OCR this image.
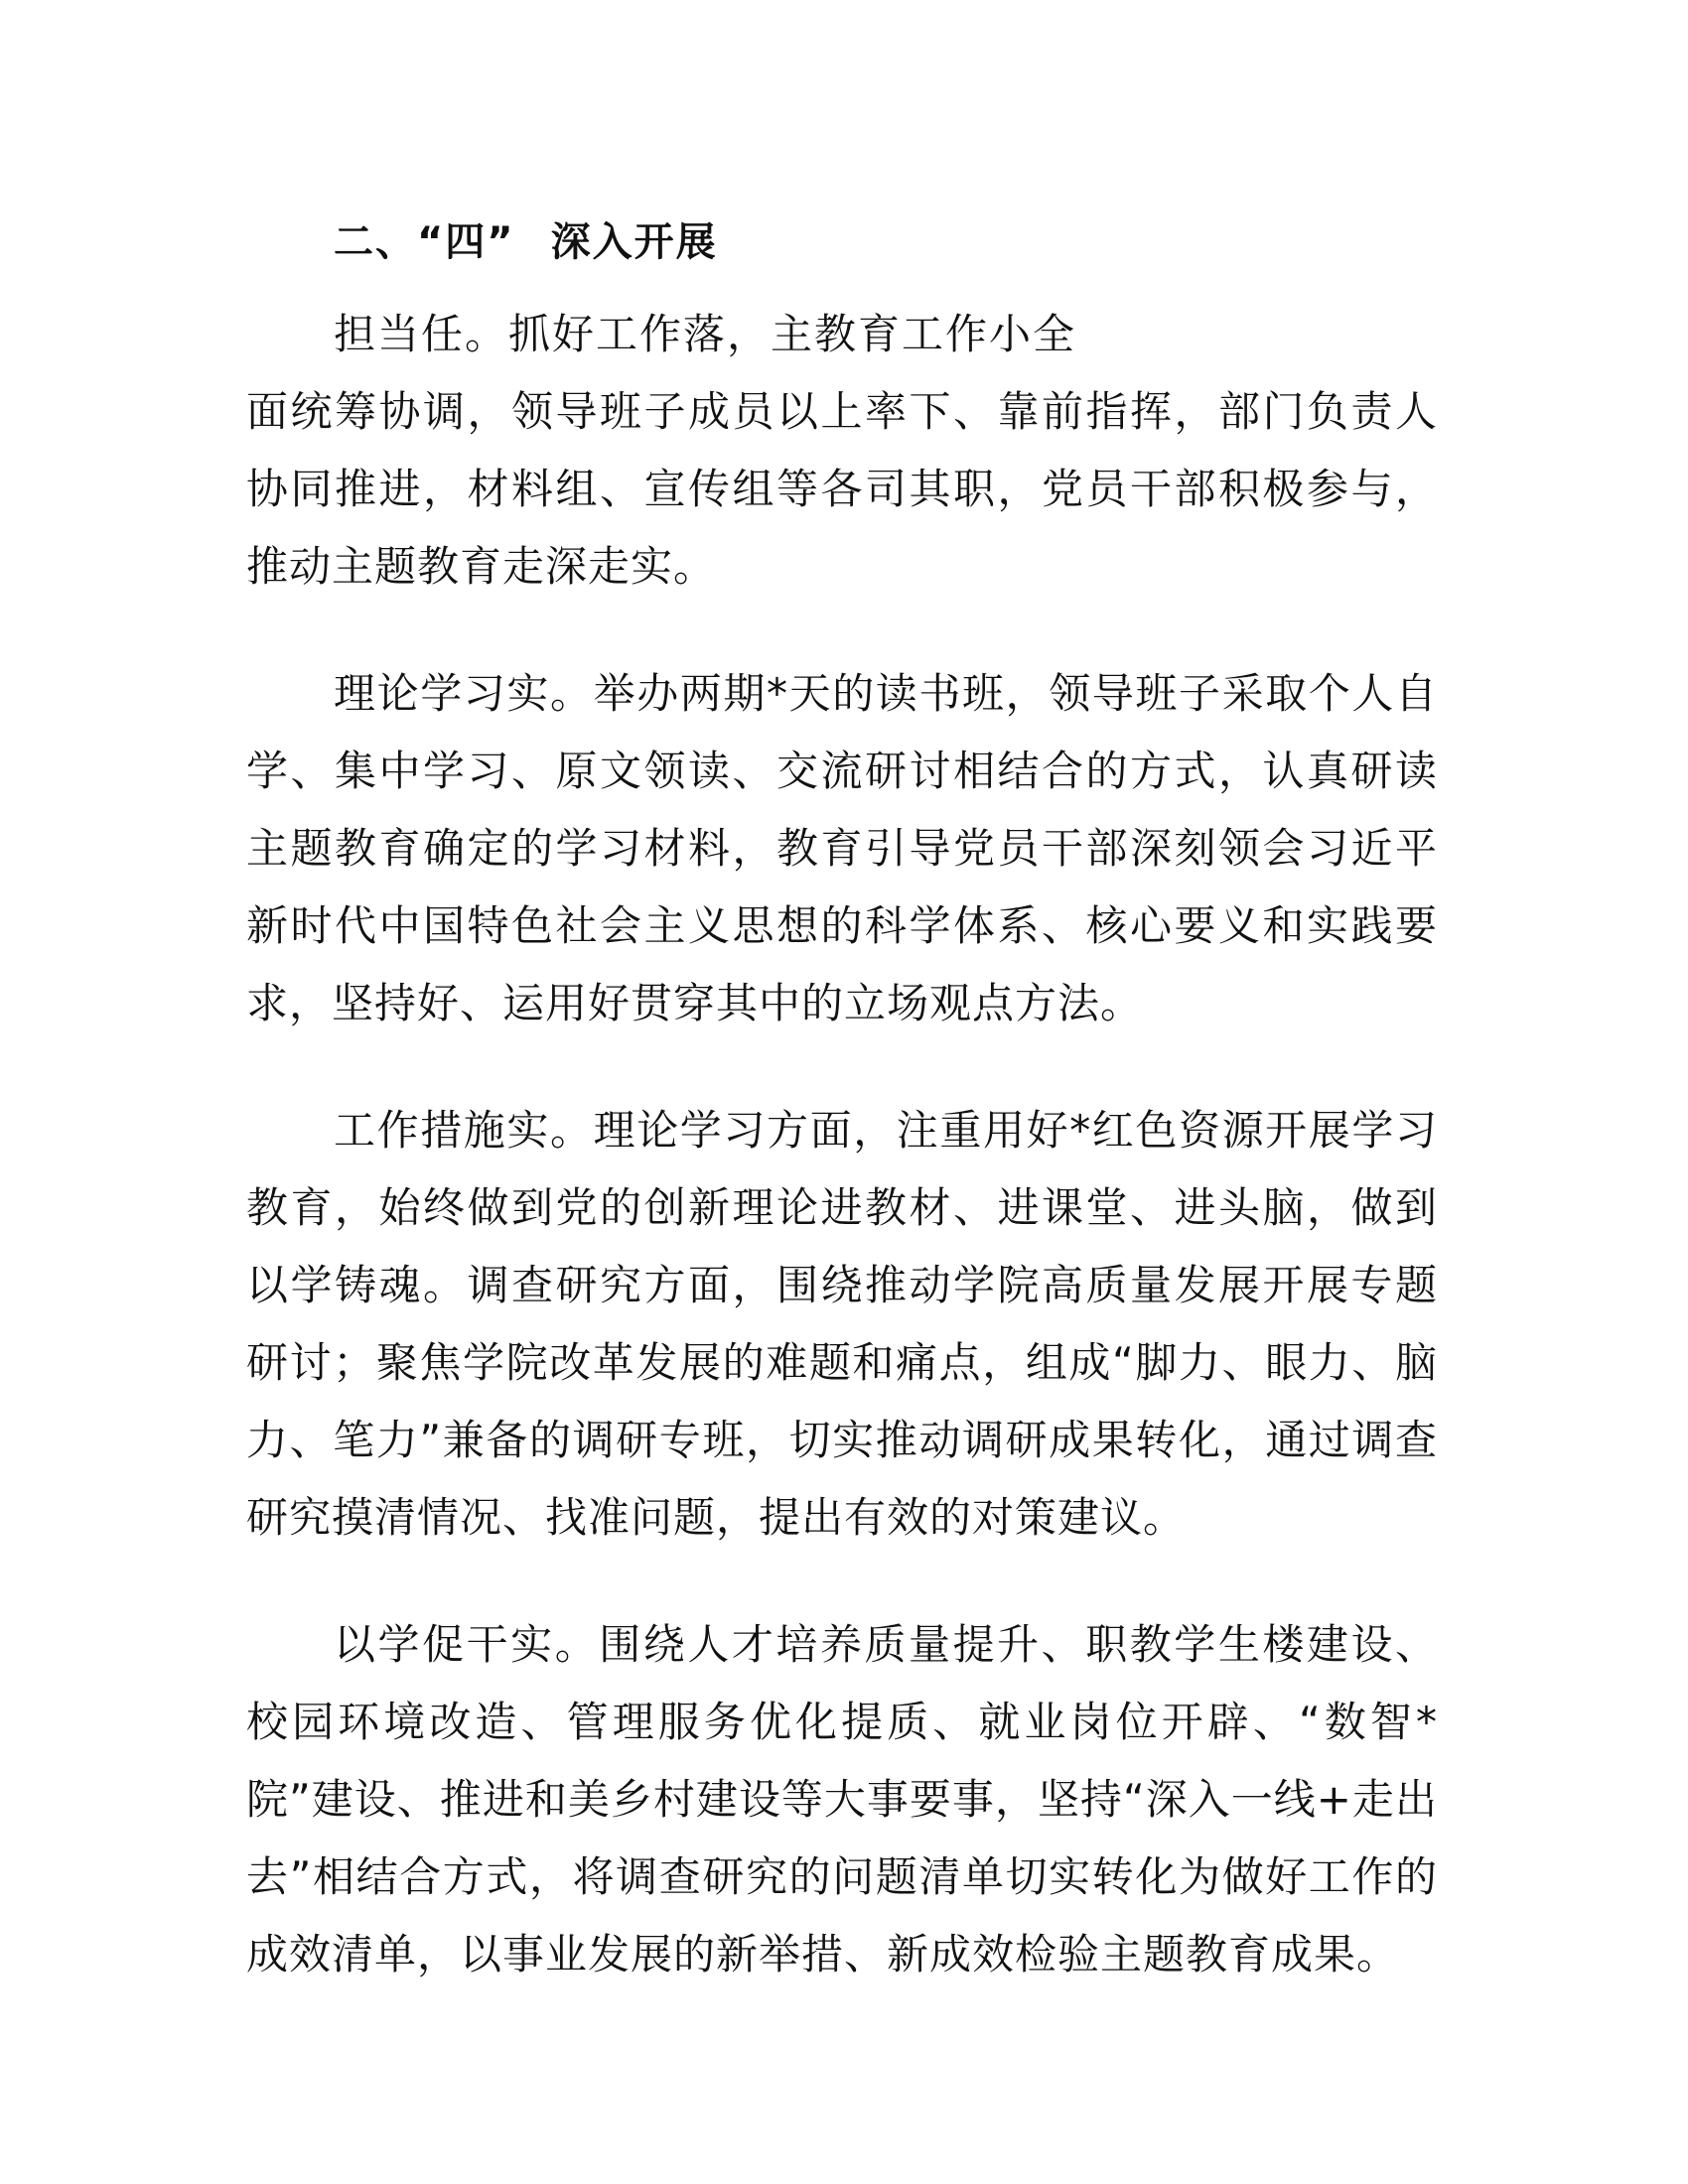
二、“四” 深入开展

担当任。抓好工作落，主教育工作小全

面统筹协调，领导班子成员以上率下、靠前指挥，部门负责人协同推进，材料组、宣传组等各司其职，党员干部积极参与，推动主题教育走深走实。

理论学习实。举办两期*天的读书班，领导班子采取个人自学、集中学习、原文领读、交流研讨相结合的方式，认真研读主题教育确定的学习材料，教育引导党员干部深刻领会习近平新时代中国特色社会主义思想的科学体系、核心要义和实践要求，坚持好、运用好贯穿其中的立场观点方法。

工作措施实。理论学习方面，注重用好*红色资源开展学习教育，始终做到党的创新理论进教材、进课堂、进头脑，做到以学铸魂。调查研究方面，围绕推动学院高质量发展开展专题研讨；聚焦学院改革发展的难题和痛点，组成“脚力、眼力、脑力、笔力”兼备的调研专班，切实推动调研成果转化，通过调查研究摸清情况、找准问题，提出有效的对策建议。

以学促干实。围绕人才培养质量提升、职教学生楼建设、校园环境改造、管理服务优化提质、就业岗位开辟、“数智*院”建设、推进和美乡村建设等大事要事，坚持“深入一线+走出去”相结合方式，将调查研究的问题清单切实转化为做好工作的成效清单，以事业发展的新举措、新成效检验主题教育成果。
